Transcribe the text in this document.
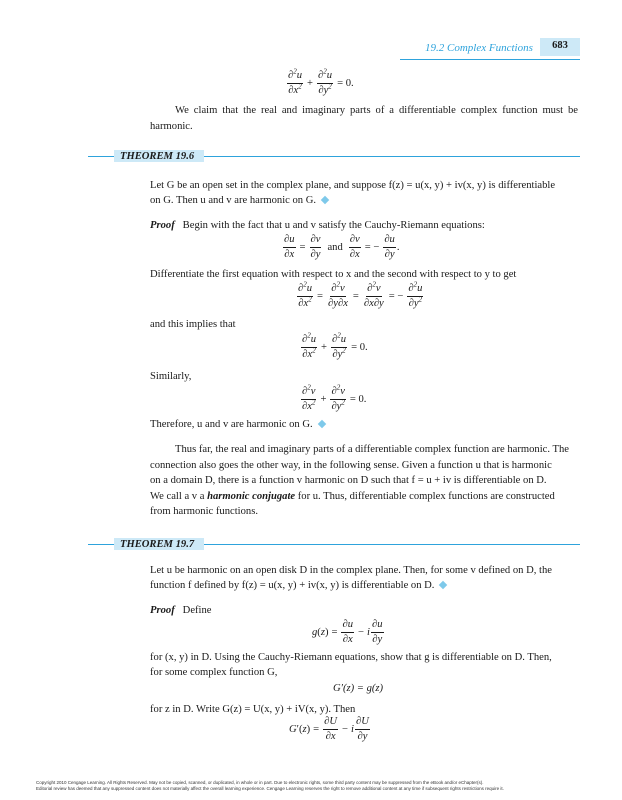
19.2 Complex Functions	683
$\frac{\partial^2u}{\partial x^2} + \frac{\partial^2u}{\partial y^2} = 0$.
We claim that the real and imaginary parts of a differentiable complex function must be harmonic.
THEOREM 19.6
Let G be an open set in the complex plane, and suppose f(z) = u(x, y) + iv(x, y) is differentiable
on G. Then u and v are harmonic on G.
Proof Begin with the fact that u and v satisfy the Cauchy-Riemann equations:
$\frac{\partial u}{\partial x} = \frac{\partial v}{\partial y}$ and $\frac{\partial v}{\partial x}$ = − $\frac{\partial u}{\partial y}$ .
Differentiate the first equation with respect to x and the second with respect to y to get
$\frac{\partial^2u}{\partial x^2} = \frac{\partial^2v}{\partial y\partial x} = \frac{\partial^2v}{\partial x\partial y}$ = − $\frac{\partial^2u}{\partial y^2}$
and this implies that
$\frac{\partial^2u}{\partial x^2} + \frac{\partial^2u}{\partial y^2} = 0$.
Similarly,
$\frac{\partial^2v}{\partial x^2} + \frac{\partial^2v}{\partial y^2} = 0$.
Therefore, u and v are harmonic on G.
Thus far, the real and imaginary parts of a differentiable complex function are harmonic. The
connection also goes the other way, in the following sense. Given a function u that is harmonic
on a domain D, there is a function v harmonic on D such that f = u + iv is differentiable on D.
We call a v a harmonic conjugate for u. Thus, differentiable complex functions are constructed
from harmonic functions.
THEOREM 19.7
Let u be harmonic on an open disk D in the complex plane. Then, for some v defined on D, the
function f defined by f(z) = u(x, y) + iv(x, y) is differentiable on D.
Proof Define
g ( z ) = $\frac{\partial u}{\partial x} - i \frac{\partial u}{\partial y}$
for (x, y) in D. Using the Cauchy-Riemann equations, show that g is differentiable on D. Then,
for some complex function G,
G′(z) = g(z)
for z in D. Write G(z) = U(x, y) + iV(x, y). Then
G ′( z ) = $\frac{\partial U}{\partial x} - i \frac{\partial U}{\partial y}$
Copyright 2010 Cengage Learning. All Rights Reserved. May not be copied, scanned, or duplicated, in whole or in part. Due to electronic rights, some third party content may be suppressed from the eBook and/or eChapter(s).
Editorial review has deemed that any suppressed content does not materially affect the overall learning experience. Cengage Learning reserves the right to remove additional content at any time if subsequent rights restrictions require it.
